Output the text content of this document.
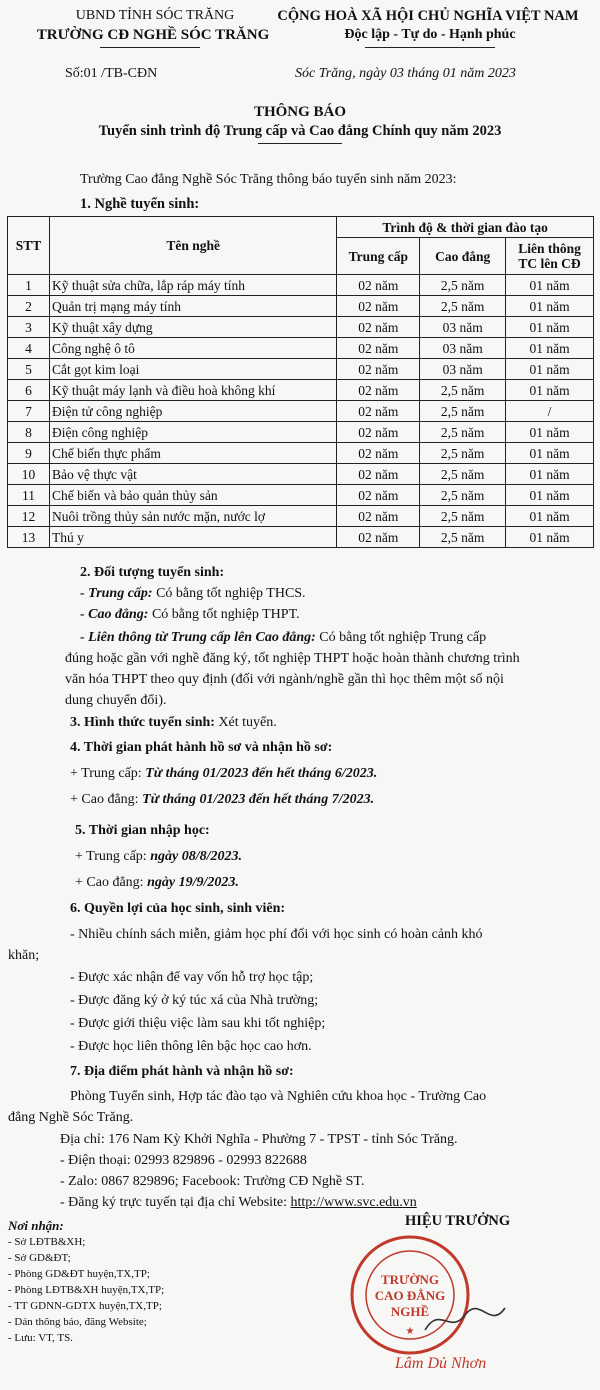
UBND TỈNH SÓC TRĂNG
TRƯỜNG CĐ NGHỀ SÓC TRĂNG
CỘNG HOÀ XÃ HỘI CHỦ NGHĨA VIỆT NAM
Độc lập - Tự do - Hạnh phúc
Số:01 /TB-CĐN	Sóc Trăng, ngày 03 tháng 01 năm 2023
THÔNG BÁO
Tuyển sinh trình độ Trung cấp và Cao đẳng Chính quy năm 2023
Trường Cao đẳng Nghề Sóc Trăng thông báo tuyển sinh năm 2023:
1. Nghề tuyển sinh:
STT	Tên nghề	Trình độ & thời gian đào tạo		
		Trung cấp	Cao đẳng	Liên thông TC lên CĐ
1	Kỹ thuật sửa chữa, lắp ráp máy tính	02 năm	2,5 năm	01 năm
2	Quản trị mạng máy tính	02 năm	2,5 năm	01 năm
3	Kỹ thuật xây dựng	02 năm	03 năm	01 năm
4	Công nghệ ô tô	02 năm	03 năm	01 năm
5	Cắt gọt kim loại	02 năm	03 năm	01 năm
6	Kỹ thuật máy lạnh và điều hoà không khí	02 năm	2,5 năm	01 năm
7	Điện tử công nghiệp	02 năm	2,5 năm	/
8	Điện công nghiệp	02 năm	2,5 năm	01 năm
9	Chế biến thực phẩm	02 năm	2,5 năm	01 năm
10	Bảo vệ thực vật	02 năm	2,5 năm	01 năm
11	Chế biến và bảo quản thủy sản	02 năm	2,5 năm	01 năm
12	Nuôi trồng thủy sản nước mặn, nước lợ	02 năm	2,5 năm	01 năm
13	Thú y	02 năm	2,5 năm	01 năm
2. Đối tượng tuyển sinh:
- Trung cấp: Có bằng tốt nghiệp THCS.
- Cao đẳng: Có bằng tốt nghiệp THPT.
- Liên thông từ Trung cấp lên Cao đẳng: Có bằng tốt nghiệp Trung cấp
đúng hoặc gần với nghề đăng ký, tốt nghiệp THPT hoặc hoàn thành chương trình
văn hóa THPT theo quy định (đối với ngành/nghề gần thì học thêm một số nội
dung chuyển đổi).
3. Hình thức tuyển sinh: Xét tuyển.
4. Thời gian phát hành hồ sơ và nhận hồ sơ:
+ Trung cấp: Từ tháng 01/2023 đến hết tháng 6/2023.
+ Cao đẳng: Từ tháng 01/2023 đến hết tháng 7/2023.
5. Thời gian nhập học:
+ Trung cấp: ngày 08/8/2023.
+ Cao đẳng: ngày 19/9/2023.
6. Quyền lợi của học sinh, sinh viên:
- Nhiều chính sách miễn, giảm học phí đối với học sinh có hoàn cảnh khó
khăn;
- Được xác nhận để vay vốn hỗ trợ học tập;
- Được đăng ký ở ký túc xá của Nhà trường;
- Được giới thiệu việc làm sau khi tốt nghiệp;
- Được học liên thông lên bậc học cao hơn.
7. Địa điểm phát hành và nhận hồ sơ:
Phòng Tuyển sinh, Hợp tác đào tạo và Nghiên cứu khoa học - Trường Cao
đẳng Nghề Sóc Trăng.
Địa chỉ: 176 Nam Kỳ Khởi Nghĩa - Phường 7 - TPST - tỉnh Sóc Trăng.
- Điện thoại: 02993 829896 - 02993 822688
- Zalo: 0867 829896; Facebook: Trường CĐ Nghề ST.
- Đăng ký trực tuyến tại địa chỉ Website: http://www.svc.edu.vn
Nơi nhận:
- Sở LĐTB&XH;
- Sở GD&ĐT;
- Phòng GD&ĐT huyện,TX,TP;
- Phòng LĐTB&XH huyện,TX,TP;
- TT GDNN-GDTX huyện,TX,TP;
- Dán thông báo, đăng Website;
- Lưu: VT, TS.
HIỆU TRƯỞNG
TRƯỜNG
CAO ĐẲNG
NGHỀ
★
Lâm Dủ Nhơn
